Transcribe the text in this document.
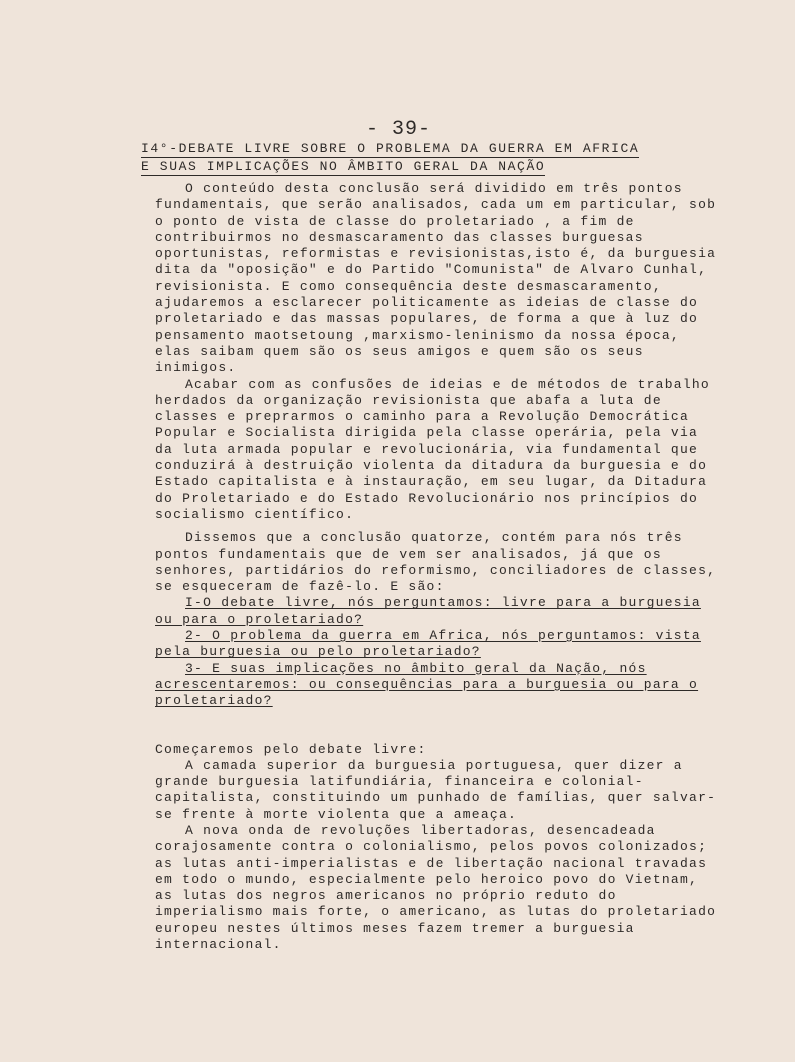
- 39-
I4°-DEBATE LIVRE SOBRE O PROBLEMA DA GUERRA EM AFRICA
E SUAS IMPLICAÇÕES NO ÂMBITO GERAL DA NAÇÃO

O conteúdo desta conclusão será dividido em três pontos fundamentais, que serão analisados, cada um em particular, sob o ponto de vista de classe do proletariado , a fim de contribuirmos no desmascaramento das classes burguesas oportunistas, reformistas e revisionistas,isto é, da burguesia dita da "oposição" e do Partido "Comunista" de Alvaro Cunhal, revisionista. E como consequência deste desmascaramento, ajudaremos a esclarecer politicamente as ideias de classe do proletariado e das massas populares, de forma a que à luz do pensamento maotsetoung ,marxismo-leninismo da nossa época, elas saibam quem são os seus amigos e quem são os seus inimigos.

Acabar com as confusões de ideias e de métodos de trabalho herdados da organização revisionista que abafa a luta de classes e preprarmos o caminho para a Revolução Democrática Popular e Socialista dirigida pela classe operária, pela via da luta armada popular e revolucionária, via fundamental que conduzirá à destruição violenta da ditadura da burguesia e do Estado capitalista e à instauração, em seu lugar, da Ditadura do Proletariado e do Estado Revolucionário nos princípios do socialismo científico.

Dissemos que a conclusão quatorze, contém para nós três pontos fundamentais que de vem ser analisados, já que os senhores, partidários do reformismo, conciliadores de classes, se esqueceram de fazê-lo. E são:

I-O debate livre, nós perguntamos: livre para a burguesia ou para o proletariado?

2- O problema da guerra em Africa, nós perguntamos: vista pela burguesia ou pelo proletariado?

3- E suas implicações no âmbito geral da Nação, nós acrescentaremos: ou consequências para a burguesia ou para o proletariado?

Começaremos pelo debate livre:

A camada superior da burguesia portuguesa, quer dizer a grande burguesia latifundiária, financeira e colonial-capitalista, constituindo um punhado de famílias, quer salvar-se frente à morte violenta que a ameaça.

A nova onda de revoluções libertadoras, desencadeada corajosamente contra o colonialismo, pelos povos colonizados; as lutas anti-imperialistas e de libertação nacional travadas em todo o mundo, especialmente pelo heroico povo do Vietnam, as lutas dos negros americanos no próprio reduto do imperialismo mais forte, o americano, as lutas do proletariado europeu nestes últimos meses fazem tremer a burguesia internacional.
